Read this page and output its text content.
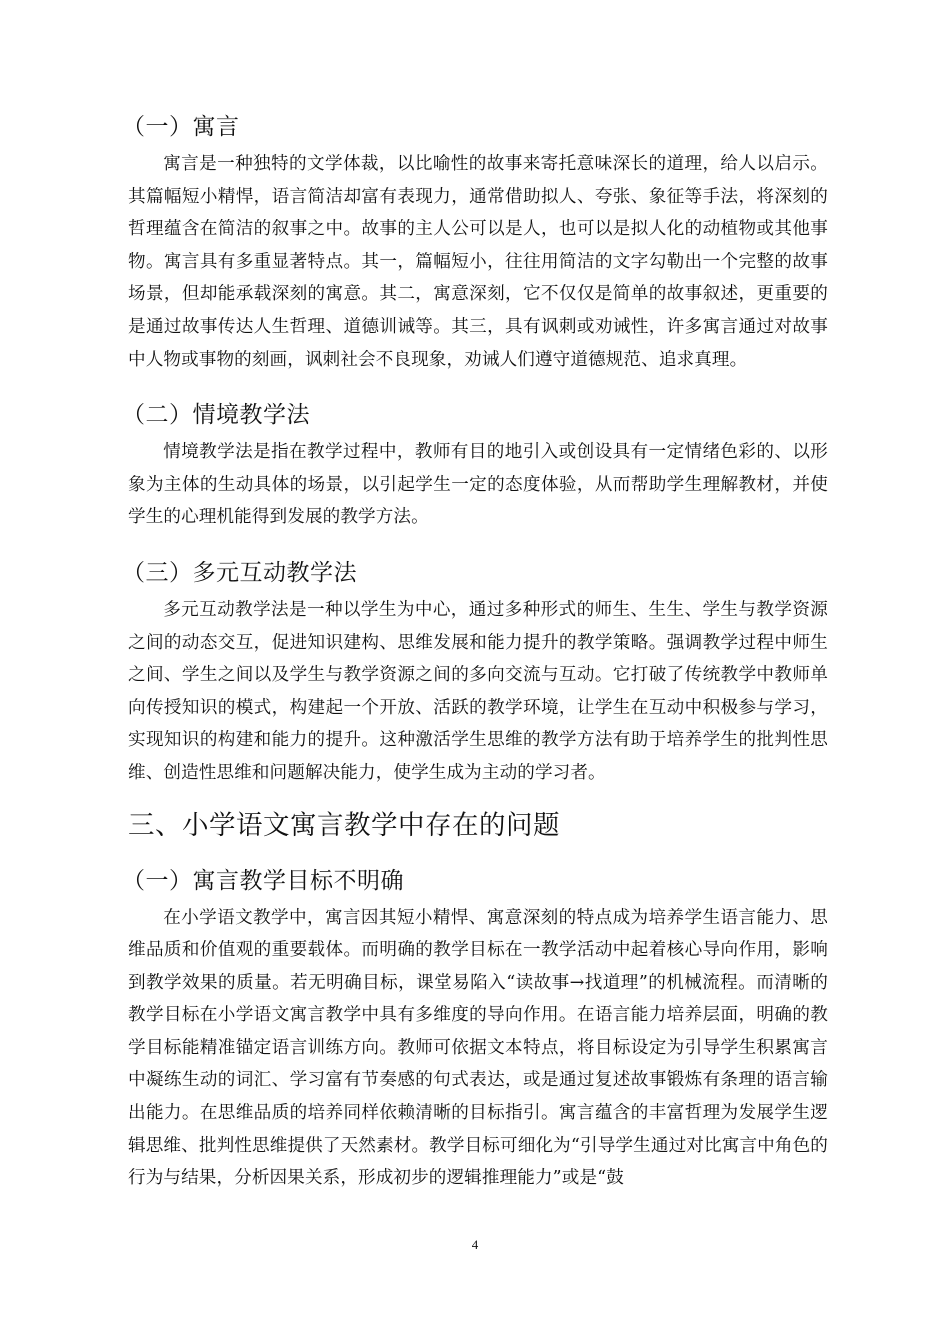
（一）寓言

寓言是一种独特的文学体裁，以比喻性的故事来寄托意味深长的道理，给人以启示。其篇幅短小精悍，语言简洁却富有表现力，通常借助拟人、夸张、象征等手法，将深刻的哲理蕴含在简洁的叙事之中。故事的主人公可以是人，也可以是拟人化的动植物或其他事物。寓言具有多重显著特点。其一，篇幅短小，往往用简洁的文字勾勒出一个完整的故事场景，但却能承载深刻的寓意。其二，寓意深刻，它不仅仅是简单的故事叙述，更重要的是通过故事传达人生哲理、道德训诫等。其三，具有讽刺或劝诫性，许多寓言通过对故事中人物或事物的刻画，讽刺社会不良现象，劝诫人们遵守道德规范、追求真理。

（二）情境教学法

情境教学法是指在教学过程中，教师有目的地引入或创设具有一定情绪色彩的、以形象为主体的生动具体的场景，以引起学生一定的态度体验，从而帮助学生理解教材，并使学生的心理机能得到发展的教学方法。

（三）多元互动教学法

多元互动教学法是一种以学生为中心，通过多种形式的师生、生生、学生与教学资源之间的动态交互，促进知识建构、思维发展和能力提升的教学策略。强调教学过程中师生之间、学生之间以及学生与教学资源之间的多向交流与互动。它打破了传统教学中教师单向传授知识的模式，构建起一个开放、活跃的教学环境，让学生在互动中积极参与学习，实现知识的构建和能力的提升。这种激活学生思维的教学方法有助于培养学生的批判性思维、创造性思维和问题解决能力，使学生成为主动的学习者。

三、小学语文寓言教学中存在的问题
（一）寓言教学目标不明确

在小学语文教学中，寓言因其短小精悍、寓意深刻的特点成为培养学生语言能力、思维品质和价值观的重要载体。而明确的教学目标在一教学活动中起着核心导向作用，影响到教学效果的质量。若无明确目标，课堂易陷入“读故事→找道理”的机械流程。而清晰的教学目标在小学语文寓言教学中具有多维度的导向作用。在语言能力培养层面，明确的教学目标能精准锚定语言训练方向。教师可依据文本特点，将目标设定为引导学生积累寓言中凝练生动的词汇、学习富有节奏感的句式表达，或是通过复述故事锻炼有条理的语言输出能力。在思维品质的培养同样依赖清晰的目标指引。寓言蕴含的丰富哲理为发展学生逻辑思维、批判性思维提供了天然素材。教学目标可细化为“引导学生通过对比寓言中角色的行为与结果，分析因果关系，形成初步的逻辑推理能力”或是“鼓

4
